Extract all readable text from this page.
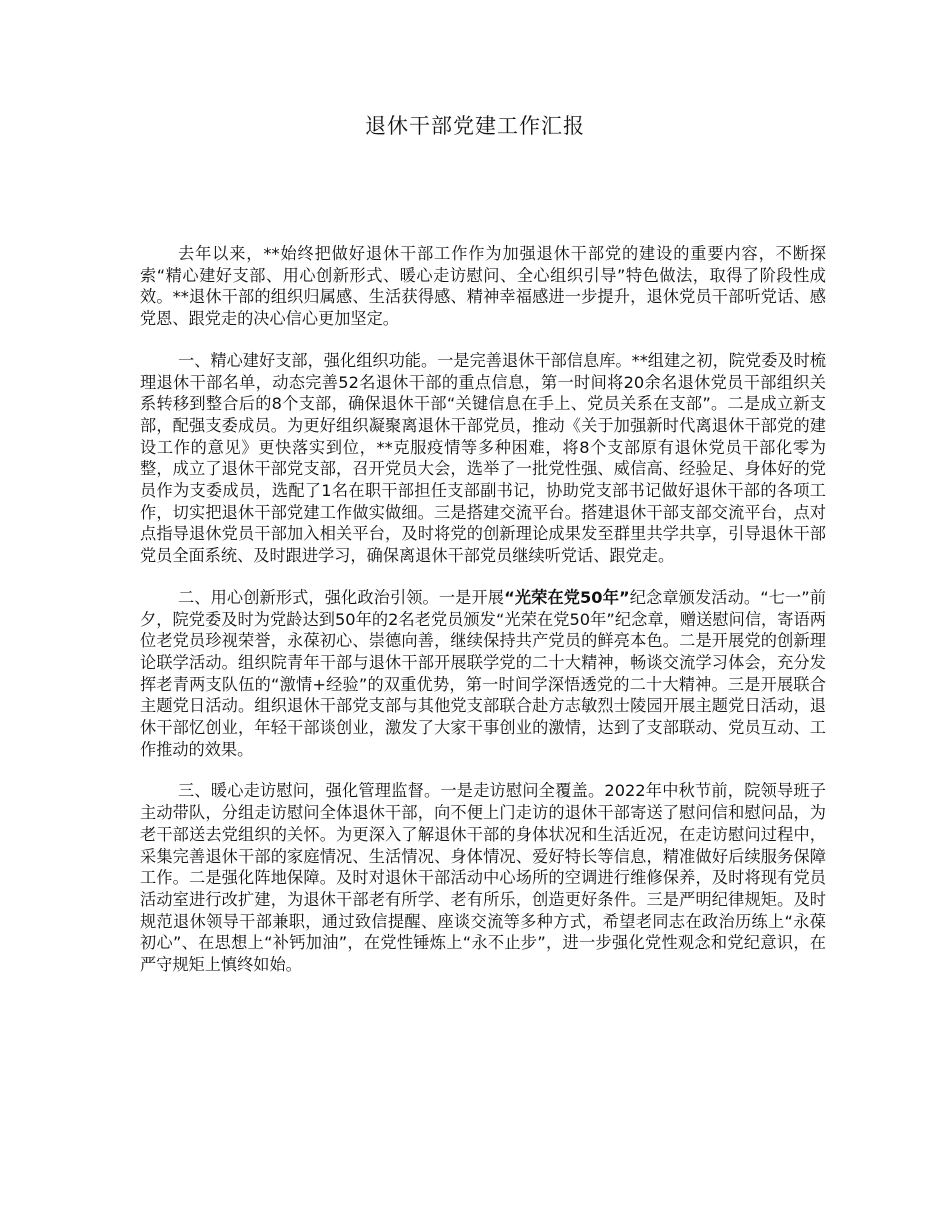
退休干部党建工作汇报

去年以来，**始终把做好退休干部工作作为加强退休干部党的建设的重要内容，不断探索“精心建好支部、用心创新形式、暖心走访慰问、全心组织引导”特色做法，取得了阶段性成效。**退休干部的组织归属感、生活获得感、精神幸福感进一步提升，退休党员干部听党话、感党恩、跟党走的决心信心更加坚定。

一、精心建好支部，强化组织功能。一是完善退休干部信息库。**组建之初，院党委及时梳理退休干部名单，动态完善52名退休干部的重点信息，第一时间将20余名退休党员干部组织关系转移到整合后的8个支部，确保退休干部“关键信息在手上、党员关系在支部”。二是成立新支部，配强支委成员。为更好组织凝聚离退休干部党员，推动《关于加强新时代离退休干部党的建设工作的意见》更快落实到位，**克服疫情等多种困难，将8个支部原有退休党员干部化零为整，成立了退休干部党支部，召开党员大会，选举了一批党性强、威信高、经验足、身体好的党员作为支委成员，选配了1名在职干部担任支部副书记，协助党支部书记做好退休干部的各项工作，切实把退休干部党建工作做实做细。三是搭建交流平台。搭建退休干部支部交流平台，点对点指导退休党员干部加入相关平台，及时将党的创新理论成果发至群里共学共享，引导退休干部党员全面系统、及时跟进学习，确保离退休干部党员继续听党话、跟党走。

二、用心创新形式，强化政治引领。一是开展“光荣在党50年”纪念章颁发活动。“七一”前夕，院党委及时为党龄达到50年的2名老党员颁发“光荣在党50年”纪念章，赠送慰问信，寄语两位老党员珍视荣誉，永葆初心、崇德向善，继续保持共产党员的鲜亮本色。二是开展党的创新理论联学活动。组织院青年干部与退休干部开展联学党的二十大精神，畅谈交流学习体会，充分发挥老青两支队伍的“激情+经验”的双重优势，第一时间学深悟透党的二十大精神。三是开展联合主题党日活动。组织退休干部党支部与其他党支部联合赴方志敏烈士陵园开展主题党日活动，退休干部忆创业，年轻干部谈创业，激发了大家干事创业的激情，达到了支部联动、党员互动、工作推动的效果。

三、暖心走访慰问，强化管理监督。一是走访慰问全覆盖。2022年中秋节前，院领导班子主动带队，分组走访慰问全体退休干部，向不便上门走访的退休干部寄送了慰问信和慰问品，为老干部送去党组织的关怀。为更深入了解退休干部的身体状况和生活近况，在走访慰问过程中，采集完善退休干部的家庭情况、生活情况、身体情况、爱好特长等信息，精准做好后续服务保障工作。二是强化阵地保障。及时对退休干部活动中心场所的空调进行维修保养，及时将现有党员活动室进行改扩建，为退休干部老有所学、老有所乐，创造更好条件。三是严明纪律规矩。及时规范退休领导干部兼职，通过致信提醒、座谈交流等多种方式，希望老同志在政治历练上“永葆初心”、在思想上“补钙加油”，在党性锤炼上“永不止步”，进一步强化党性观念和党纪意识，在严守规矩上慎终如始。
